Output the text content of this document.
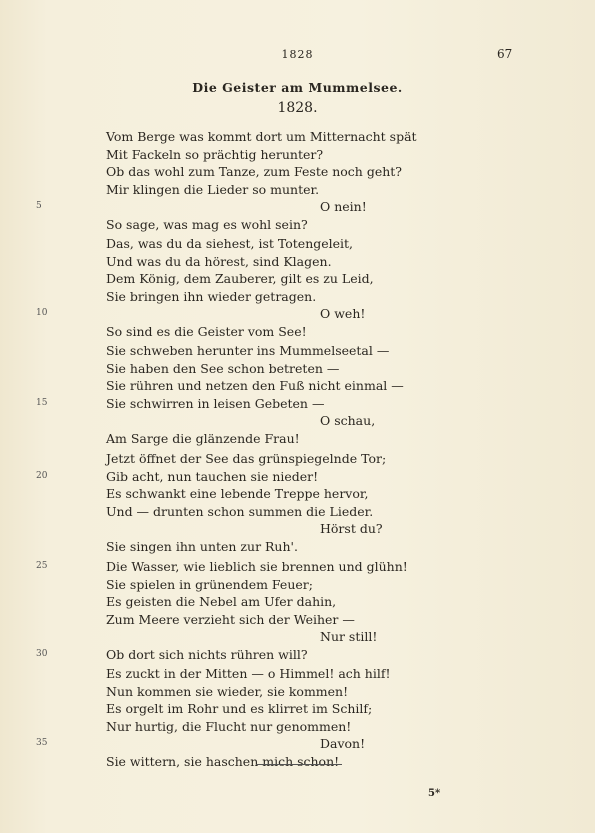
1828	67
Die Geister am Mummelsee.
1828.
Vom Berge was kommt dort um Mitternacht spät
Mit Fackeln so prächtig herunter?
Ob das wohl zum Tanze, zum Feste noch geht?
Mir klingen die Lieder so munter.
O nein!
5
So sage, was mag es wohl sein?
Das, was du da siehest, ist Totengeleit,
Und was du da hörest, sind Klagen.
Dem König, dem Zauberer, gilt es zu Leid,
Sie bringen ihn wieder getragen.
O weh!
10
So sind es die Geister vom See!
Sie schweben herunter ins Mummelseetal —
Sie haben den See schon betreten —
Sie rühren und netzen den Fuß nicht einmal —
Sie schwirren in leisen Gebeten —
15
O schau,
Am Sarge die glänzende Frau!
Jetzt öffnet der See das grünspiegelnde Tor;
Gib acht, nun tauchen sie nieder!
20
Es schwankt eine lebende Treppe hervor,
Und — drunten schon summen die Lieder.
Hörst du?
Sie singen ihn unten zur Ruh'.
Die Wasser, wie lieblich sie brennen und glühn!
25
Sie spielen in grünendem Feuer;
Es geisten die Nebel am Ufer dahin,
Zum Meere verzieht sich der Weiher —
Nur still!
Ob dort sich nichts rühren will?
30
Es zuckt in der Mitten — o Himmel! ach hilf!
Nun kommen sie wieder, sie kommen!
Es orgelt im Rohr und es klirret im Schilf;
Nur hurtig, die Flucht nur genommen!
Davon!
35
Sie wittern, sie haschen mich schon!
5*
